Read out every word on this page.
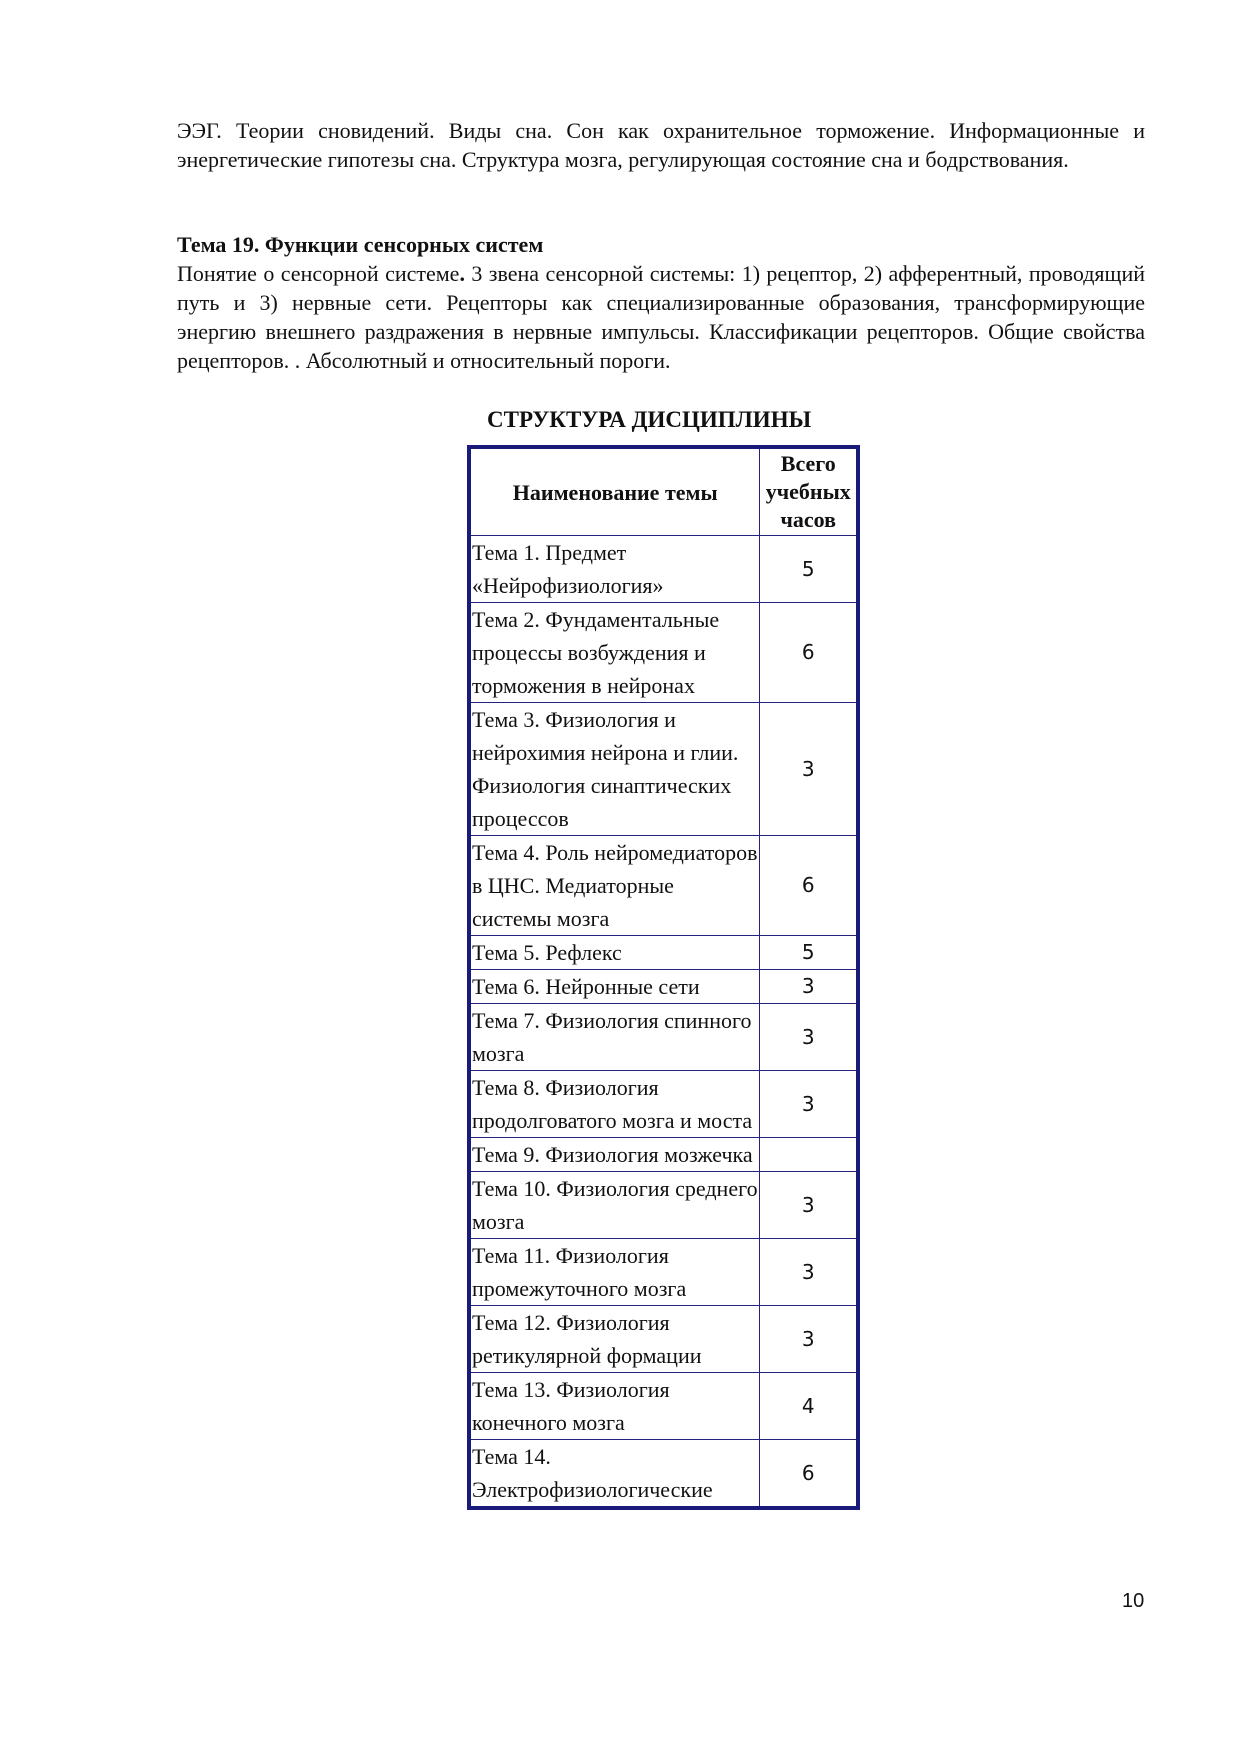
ЭЭГ. Теории сновидений. Виды сна. Сон как охранительное торможение. Информационные и энергетические гипотезы сна. Структура мозга, регулирующая состояние сна и бодрствования.

Тема 19. Функции сенсорных систем
Понятие о сенсорной системе. 3 звена сенсорной системы: 1) рецептор, 2) афферентный, проводящий путь и 3) нервные сети. Рецепторы как специализированные образования, трансформирующие энергию внешнего раздражения в нервные импульсы. Классификации рецепторов. Общие свойства рецепторов. . Абсолютный и относительный пороги.
СТРУКТУРА ДИСЦИПЛИНЫ
Наименование темы	Всего учебных часов
Тема 1. Предмет «Нейрофизиология»	5
Тема 2. Фундаментальные процессы возбуждения и торможения в нейронах	6
Тема 3. Физиология и нейрохимия нейрона и глии. Физиология синаптических процессов	3
Тема 4. Роль нейромедиаторов в ЦНС. Медиаторные системы мозга	6
Тема 5. Рефлекс	5
Тема 6. Нейронные сети	3
Тема 7. Физиология спинного мозга	3
Тема 8. Физиология продолговатого мозга и моста	3
Тема 9. Физиология мозжечка	
Тема 10. Физиология среднего мозга	3
Тема 11. Физиология промежуточного мозга	3
Тема 12. Физиология ретикулярной формации	3
Тема 13. Физиология конечного мозга	4
Тема 14. Электрофизиологические	6
10
